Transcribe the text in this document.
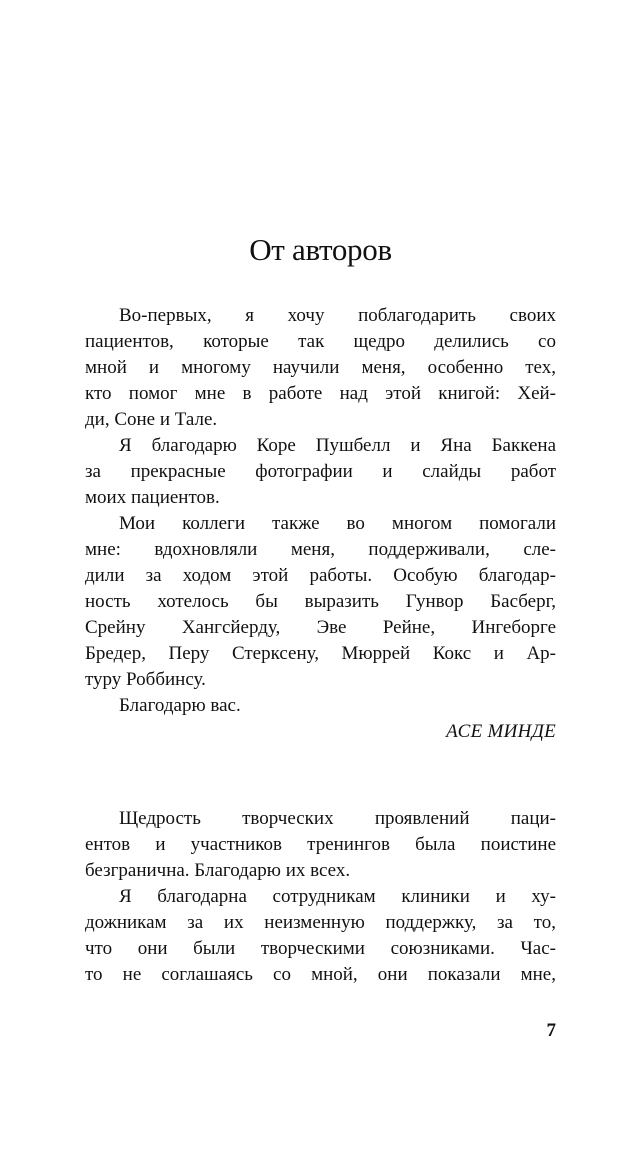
От авторов

Во-первых, я хочу поблагодарить своих
пациентов, которые так щедро делились со
мной и многому научили меня, особенно тех,
кто помог мне в работе над этой книгой: Хей-
ди, Соне и Тале.

Я благодарю Коре Пушбелл и Яна Баккена
за прекрасные фотографии и слайды работ
моих пациентов.

Мои коллеги также во многом помогали
мне: вдохновляли меня, поддерживали, сле-
дили за ходом этой работы. Особую благодар-
ность хотелось бы выразить Гунвор Басберг,
Срейну Хангсйерду, Эве Рейне, Ингеборге
Бредер, Перу Стерксену, Мюррей Кокс и Ар-
туру Роббинсу.

Благодарю вас.

АСЕ МИНДЕ

Щедрость творческих проявлений паци-
ентов и участников тренингов была поистине
безгранична. Благодарю их всех.

Я благодарна сотрудникам клиники и ху-
дожникам за их неизменную поддержку, за то,
что они были творческими союзниками. Час-
то не соглашаясь со мной, они показали мне,

7
